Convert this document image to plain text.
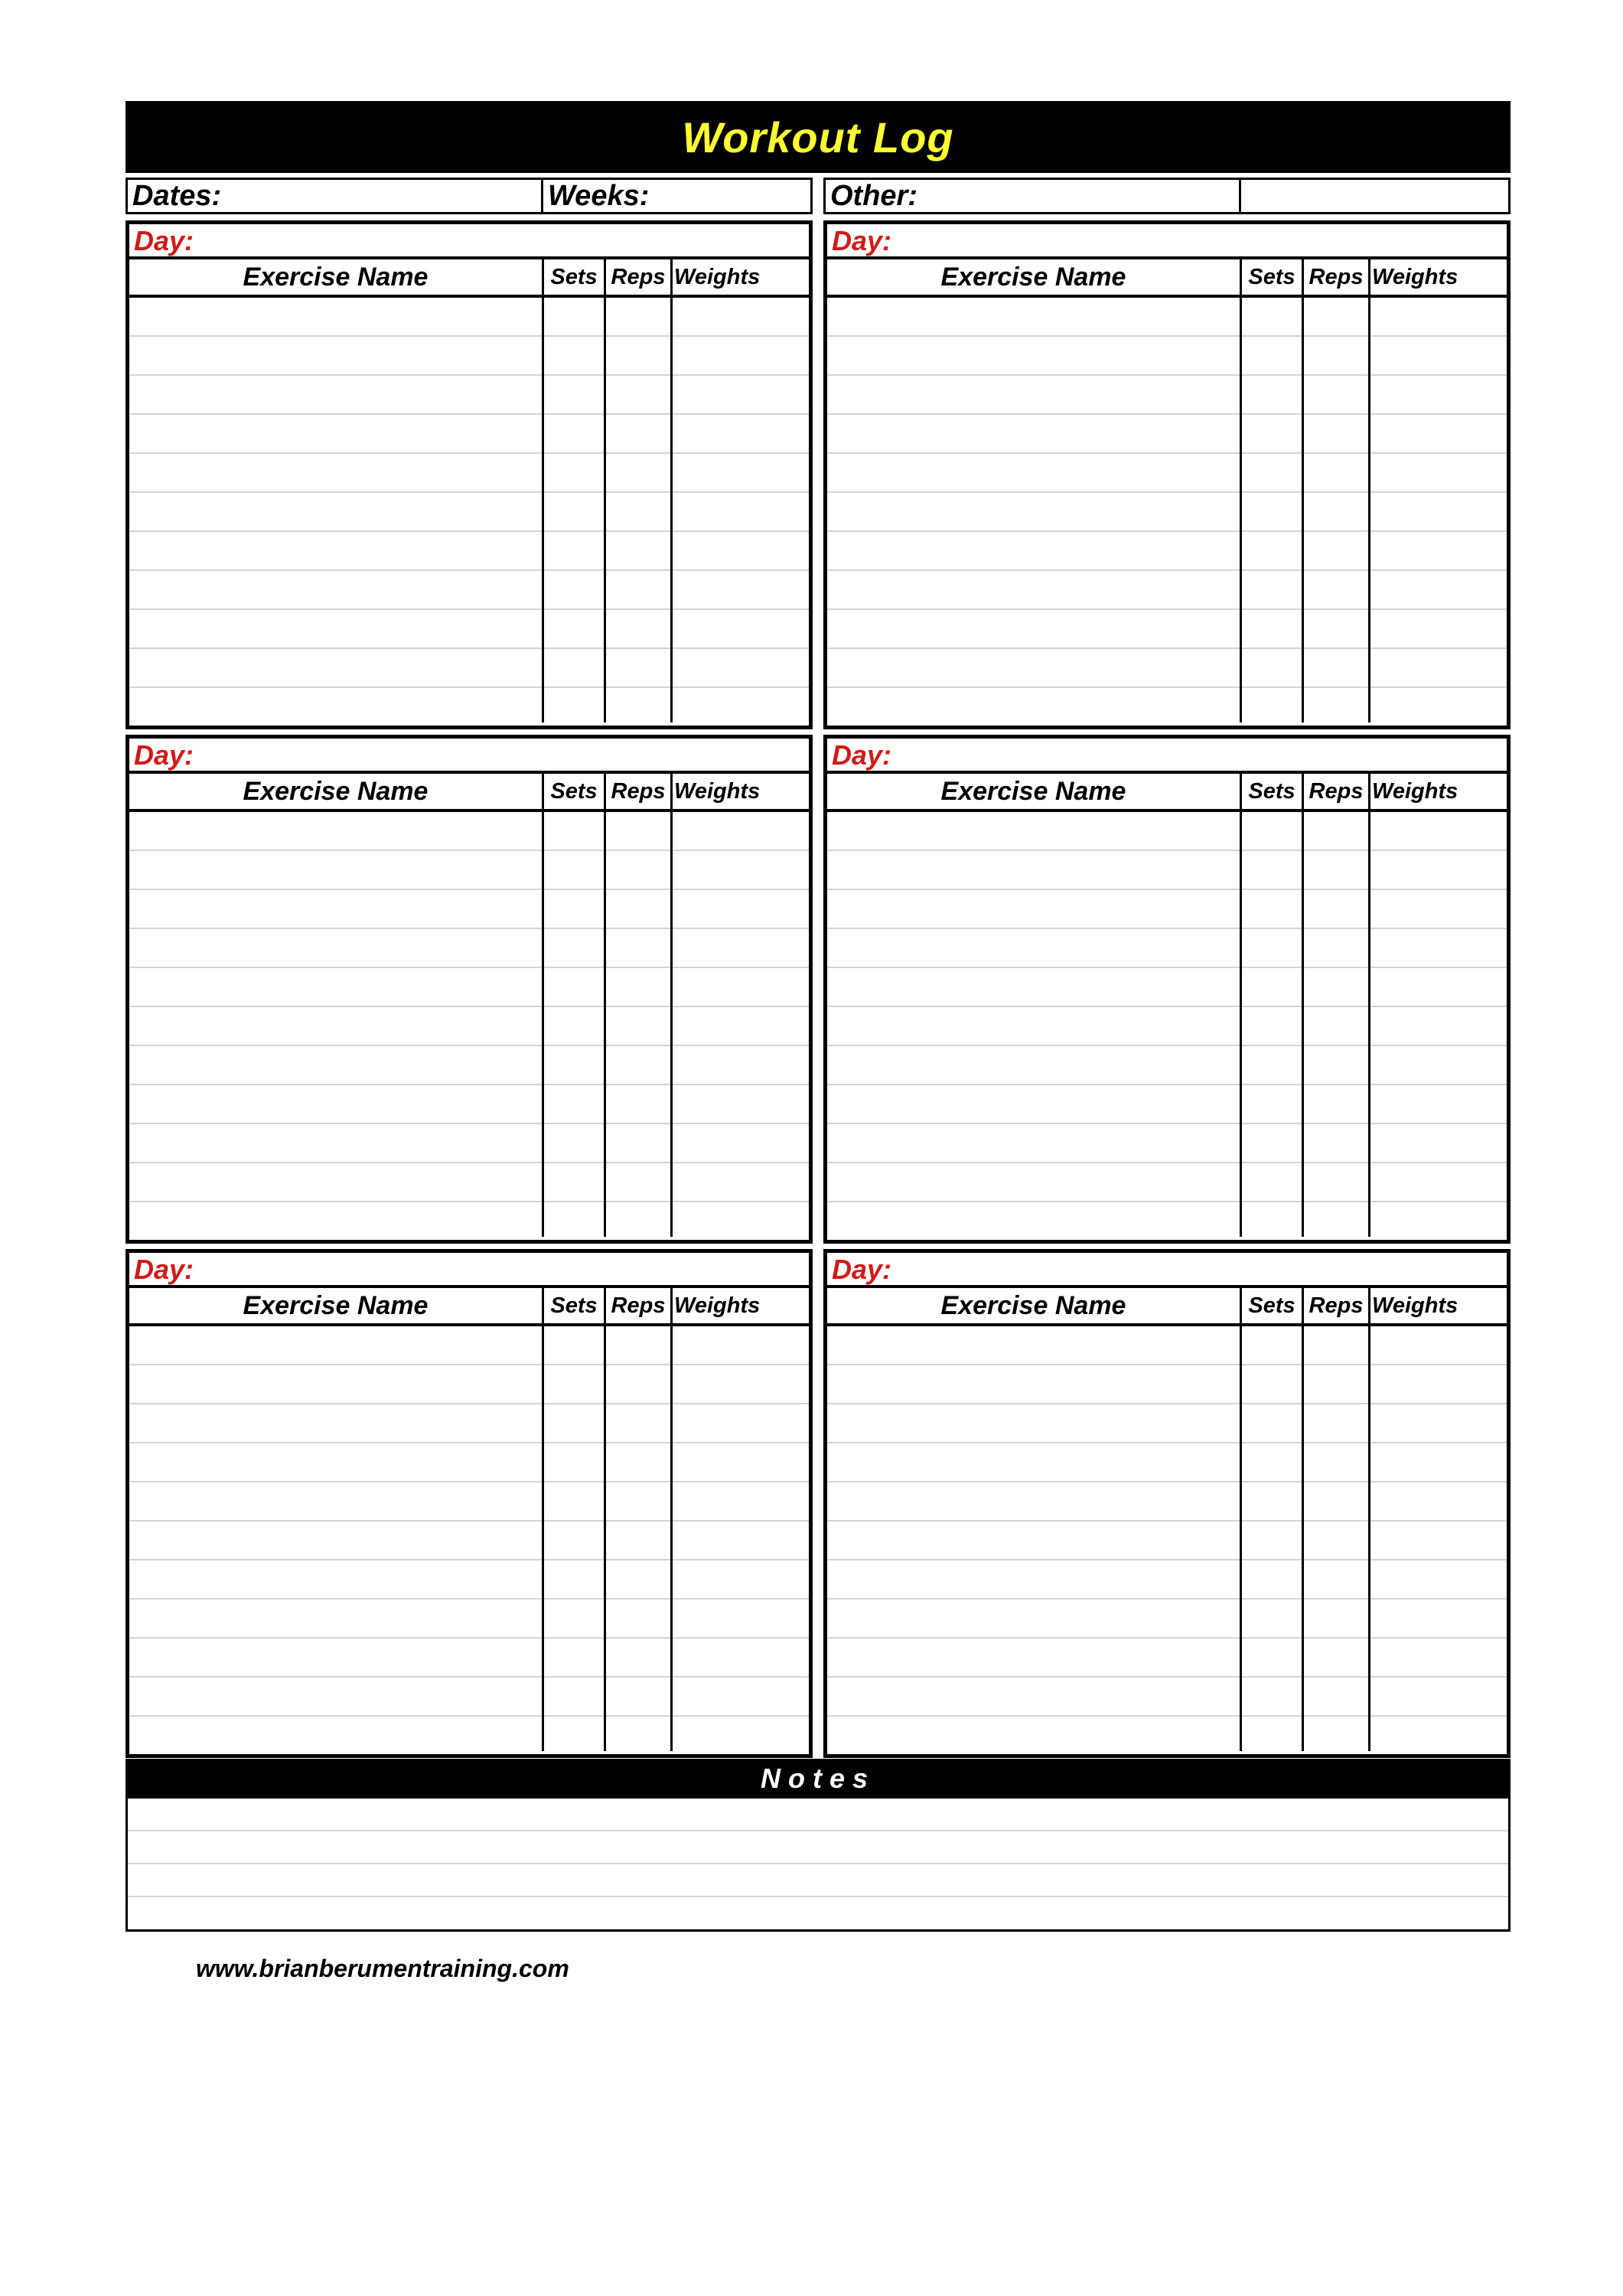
Workout Log
Dates:	Weeks:	Other:
Day:
Exercise Name	Sets Reps Weights
Day:
Exercise Name	Sets Reps Weights
Day:
Exercise Name	Sets Reps Weights
Day:
Exercise Name	Sets Reps Weights
Day:
Exercise Name	Sets Reps Weights
Day:
Exercise Name	Sets Reps Weights
Notes
www.brianberumentraining.com
